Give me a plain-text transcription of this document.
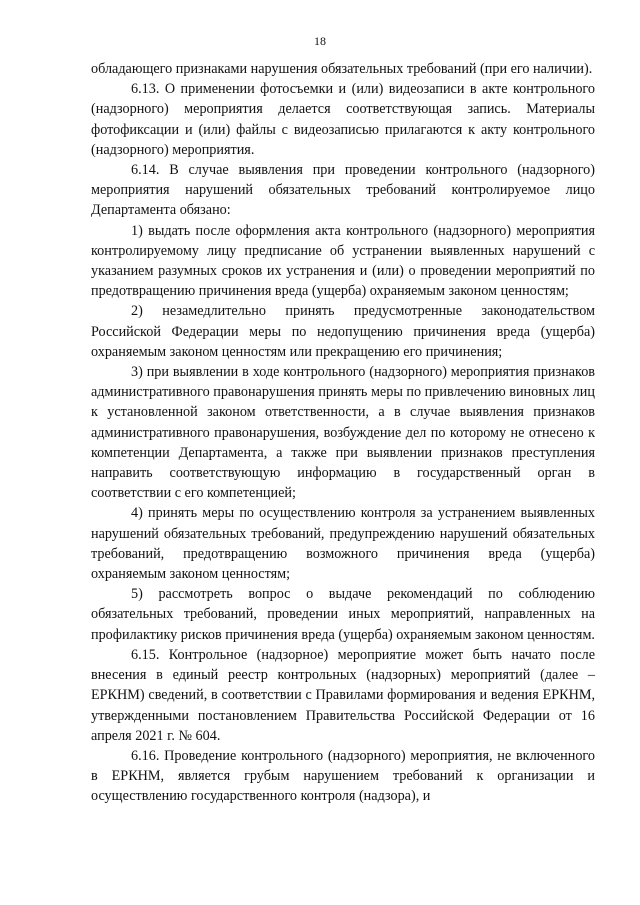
18

обладающего признаками нарушения обязательных требований (при его наличии).

6.13. О применении фотосъемки и (или) видеозаписи в акте контрольного (надзорного) мероприятия делается соответствующая запись. Материалы фотофиксации и (или) файлы с видеозаписью прилагаются к акту контрольного (надзорного) мероприятия.

6.14. В случае выявления при проведении контрольного (надзорного) мероприятия нарушений обязательных требований контролируемое лицо Департамента обязано:

1) выдать после оформления акта контрольного (надзорного) мероприятия контролируемому лицу предписание об устранении выявленных нарушений с указанием разумных сроков их устранения и (или) о проведении мероприятий по предотвращению причинения вреда (ущерба) охраняемым законом ценностям;

2) незамедлительно принять предусмотренные законодательством Российской Федерации меры по недопущению причинения вреда (ущерба) охраняемым законом ценностям или прекращению его причинения;

3) при выявлении в ходе контрольного (надзорного) мероприятия признаков административного правонарушения принять меры по привлечению виновных лиц к установленной законом ответственности, а в случае выявления признаков административного правонарушения, возбуждение дел по которому не отнесено к компетенции Департамента, а также при выявлении признаков преступления направить соответствующую информацию в государственный орган в соответствии с его компетенцией;

4) принять меры по осуществлению контроля за устранением выявленных нарушений обязательных требований, предупреждению нарушений обязательных требований, предотвращению возможного причинения вреда (ущерба) охраняемым законом ценностям;

5) рассмотреть вопрос о выдаче рекомендаций по соблюдению обязательных требований, проведении иных мероприятий, направленных на профилактику рисков причинения вреда (ущерба) охраняемым законом ценностям.

6.15. Контрольное (надзорное) мероприятие может быть начато после внесения в единый реестр контрольных (надзорных) мероприятий (далее – ЕРКНМ) сведений, в соответствии с Правилами формирования и ведения ЕРКНМ, утвержденными постановлением Правительства Российской Федерации от 16 апреля 2021 г. № 604.

6.16. Проведение контрольного (надзорного) мероприятия, не включенного в ЕРКНМ, является грубым нарушением требований к организации и осуществлению государственного контроля (надзора), и
